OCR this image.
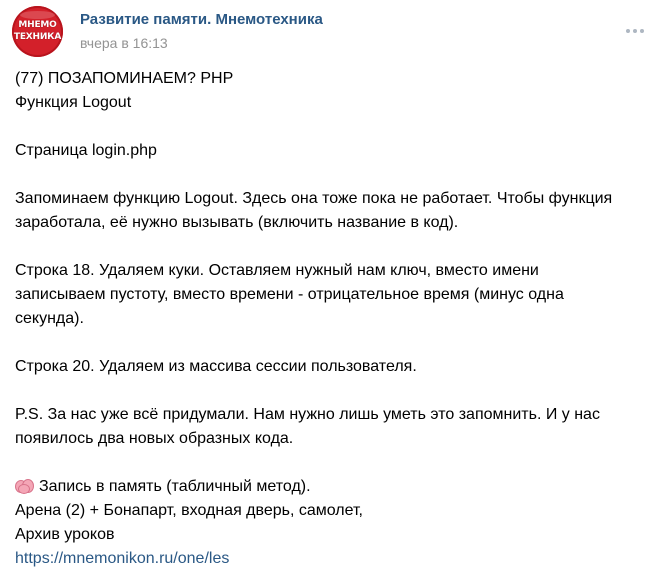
МНЕМО
ТЕХНИКА
Развитие памяти. Мнемотехника
вчера в 16:13

(77) ПОЗАПОМИНАЕМ? PHP

Функция Logout

Страница login.php

Запоминаем функцию Logout. Здесь она тоже пока не работает. Чтобы функция

заработала, её нужно вызывать (включить название в код).

Строка 18. Удаляем куки. Оставляем нужный нам ключ, вместо имени

записываем пустоту, вместо времени - отрицательное время (минус одна

секунда).

Строка 20. Удаляем из массива сессии пользователя.

P.S. За нас уже всё придумали. Нам нужно лишь уметь это запомнить. И у нас

появилось два новых образных кода.

Запись в память (табличный метод).

Арена (2) + Бонапарт, входная дверь, самолет,

Архив уроков

https://mnemonikon.ru/one/les
